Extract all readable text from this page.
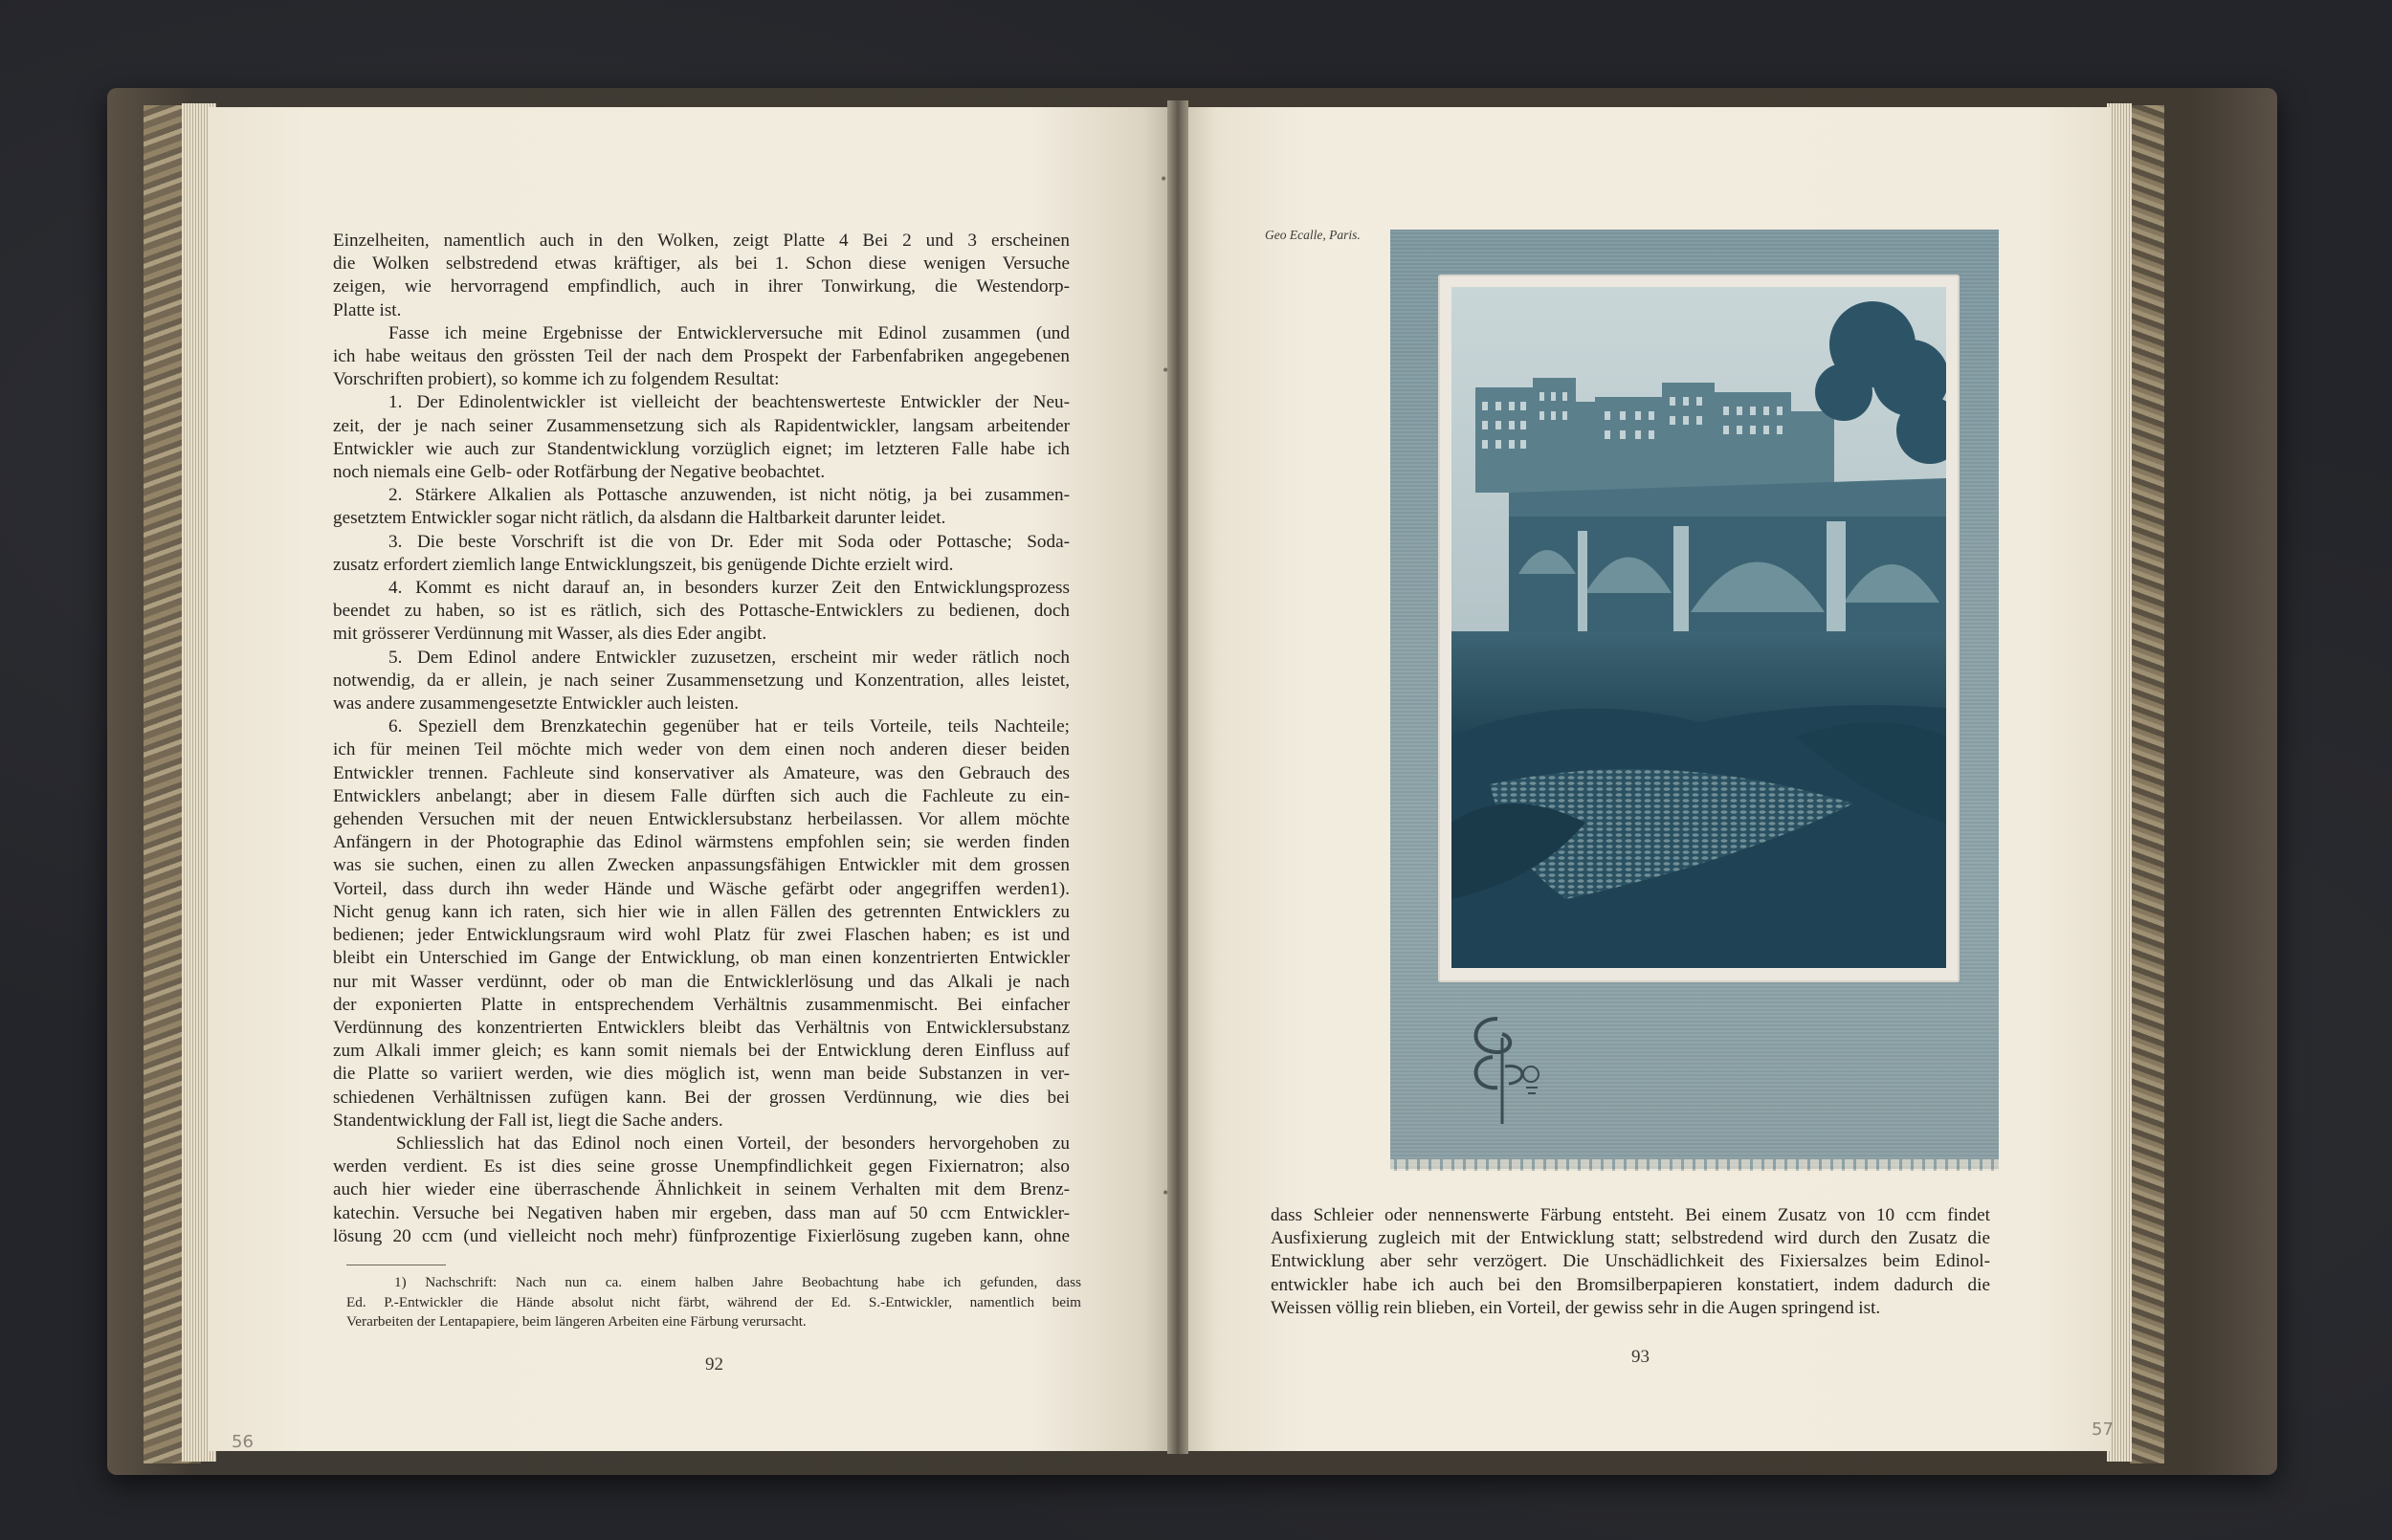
•
•
•

Einzelheiten, namentlich auch in den Wolken, zeigt Platte 4 Bei 2 und 3 erscheinen
die Wolken selbstredend etwas kräftiger, als bei 1. Schon diese wenigen Versuche
zeigen, wie hervorragend empfindlich, auch in ihrer Tonwirkung, die Westendorp-
Platte ist.

Fasse ich meine Ergebnisse der Entwicklerversuche mit Edinol zusammen (und
ich habe weitaus den grössten Teil der nach dem Prospekt der Farbenfabriken angegebenen
Vorschriften probiert), so komme ich zu folgendem Resultat:

1. Der Edinolentwickler ist vielleicht der beachtenswerteste Entwickler der Neu-
zeit, der je nach seiner Zusammensetzung sich als Rapidentwickler, langsam arbeitender
Entwickler wie auch zur Standentwicklung vorzüglich eignet; im letzteren Falle habe ich
noch niemals eine Gelb- oder Rotfärbung der Negative beobachtet.

2. Stärkere Alkalien als Pottasche anzuwenden, ist nicht nötig, ja bei zusammen-
gesetztem Entwickler sogar nicht rätlich, da alsdann die Haltbarkeit darunter leidet.

3. Die beste Vorschrift ist die von Dr. Eder mit Soda oder Pottasche; Soda-
zusatz erfordert ziemlich lange Entwicklungszeit, bis genügende Dichte erzielt wird.

4. Kommt es nicht darauf an, in besonders kurzer Zeit den Entwicklungsprozess
beendet zu haben, so ist es rätlich, sich des Pottasche-Entwicklers zu bedienen, doch
mit grösserer Verdünnung mit Wasser, als dies Eder angibt.

5. Dem Edinol andere Entwickler zuzusetzen, erscheint mir weder rätlich noch
notwendig, da er allein, je nach seiner Zusammensetzung und Konzentration, alles leistet,
was andere zusammengesetzte Entwickler auch leisten.

6. Speziell dem Brenzkatechin gegenüber hat er teils Vorteile, teils Nachteile;
ich für meinen Teil möchte mich weder von dem einen noch anderen dieser beiden
Entwickler trennen. Fachleute sind konservativer als Amateure, was den Gebrauch des
Entwicklers anbelangt; aber in diesem Falle dürften sich auch die Fachleute zu ein-
gehenden Versuchen mit der neuen Entwicklersubstanz herbeilassen. Vor allem möchte
Anfängern in der Photographie das Edinol wärmstens empfohlen sein; sie werden finden
was sie suchen, einen zu allen Zwecken anpassungsfähigen Entwickler mit dem grossen
Vorteil, dass durch ihn weder Hände und Wäsche gefärbt oder angegriffen werden1).
Nicht genug kann ich raten, sich hier wie in allen Fällen des getrennten Entwicklers zu
bedienen; jeder Entwicklungsraum wird wohl Platz für zwei Flaschen haben; es ist und
bleibt ein Unterschied im Gange der Entwicklung, ob man einen konzentrierten Entwickler
nur mit Wasser verdünnt, oder ob man die Entwicklerlösung und das Alkali je nach
der exponierten Platte in entsprechendem Verhältnis zusammenmischt. Bei einfacher
Verdünnung des konzentrierten Entwicklers bleibt das Verhältnis von Entwicklersubstanz
zum Alkali immer gleich; es kann somit niemals bei der Entwicklung deren Einfluss auf
die Platte so variiert werden, wie dies möglich ist, wenn man beide Substanzen in ver-
schiedenen Verhältnissen zufügen kann. Bei der grossen Verdünnung, wie dies bei
Standentwicklung der Fall ist, liegt die Sache anders.

Schliesslich hat das Edinol noch einen Vorteil, der besonders hervorgehoben zu
werden verdient. Es ist dies seine grosse Unempfindlichkeit gegen Fixiernatron; also
auch hier wieder eine überraschende Ähnlichkeit in seinem Verhalten mit dem Brenz-
katechin. Versuche bei Negativen haben mir ergeben, dass man auf 50 ccm Entwickler-
lösung 20 ccm (und vielleicht noch mehr) fünfprozentige Fixierlösung zugeben kann, ohne

1) Nachschrift: Nach nun ca. einem halben Jahre Beobachtung habe ich gefunden, dass
Ed. P.-Entwickler die Hände absolut nicht färbt, während der Ed. S.-Entwickler, namentlich beim
Verarbeiten der Lentapapiere, beim längeren Arbeiten eine Färbung verursacht.

92
56
Geo Ecalle, Paris.

dass Schleier oder nennenswerte Färbung entsteht. Bei einem Zusatz von 10 ccm findet
Ausfixierung zugleich mit der Entwicklung statt; selbstredend wird durch den Zusatz die
Entwicklung aber sehr verzögert. Die Unschädlichkeit des Fixiersalzes beim Edinol-
entwickler habe ich auch bei den Bromsilberpapieren konstatiert, indem dadurch die
Weissen völlig rein blieben, ein Vorteil, der gewiss sehr in die Augen springend ist.

93
57
